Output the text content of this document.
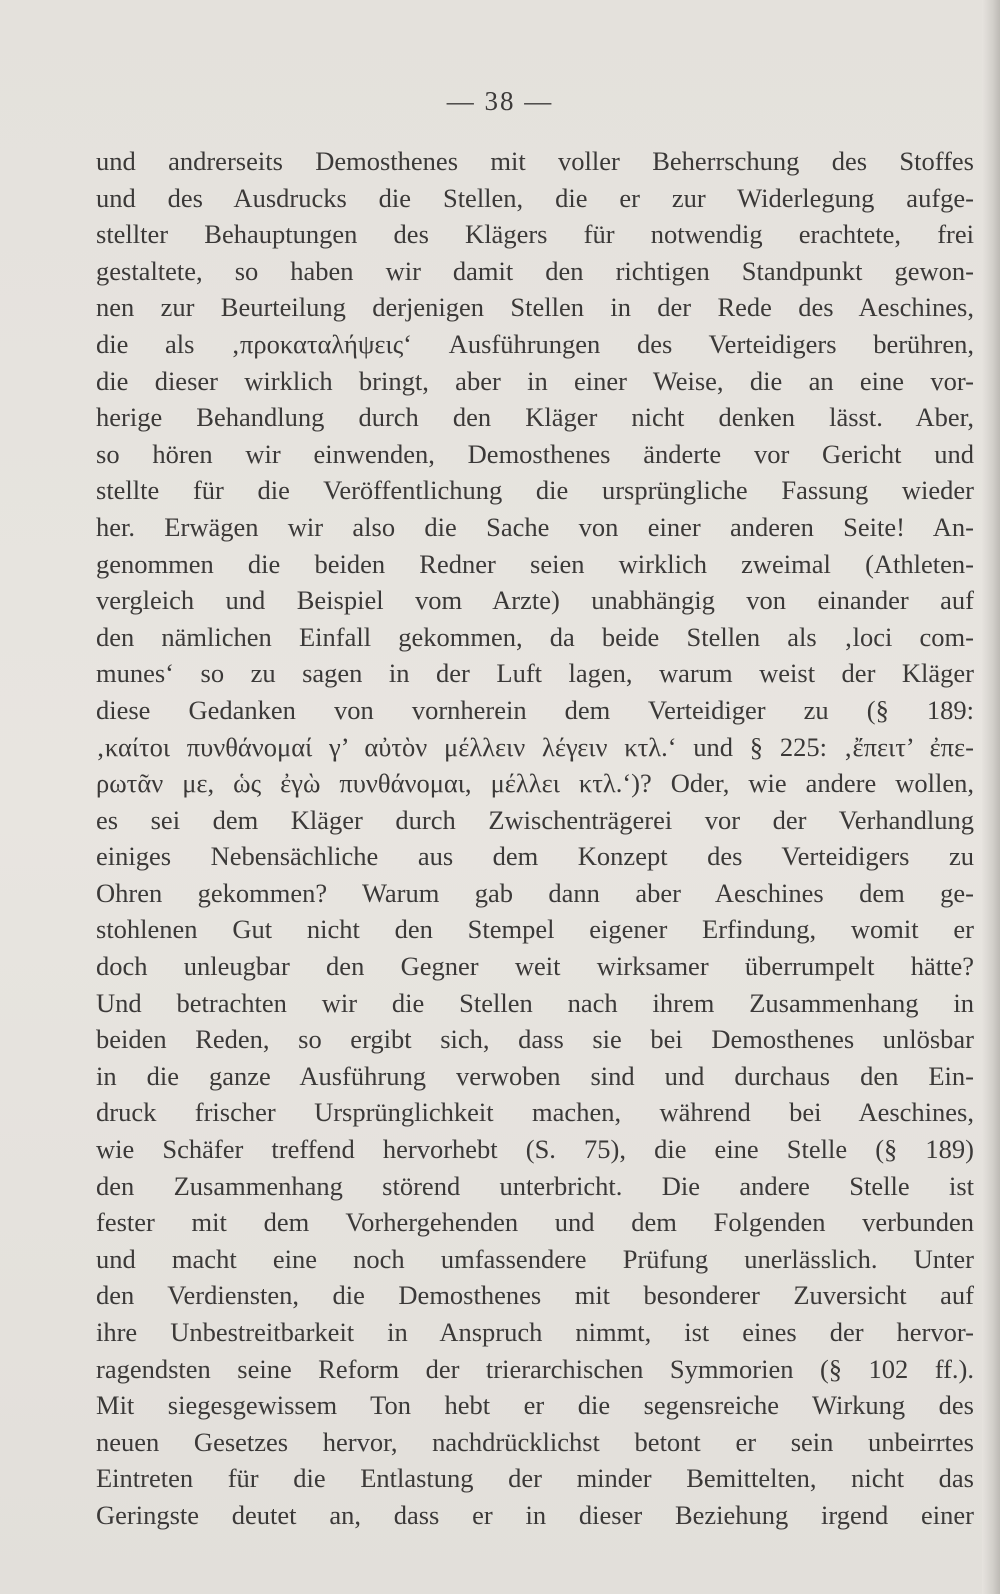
— 38 —
und andrerseits Demosthenes mit voller Beherrschung des Stoffes
und des Ausdrucks die Stellen, die er zur Widerlegung aufge-
stellter Behauptungen des Klägers für notwendig erachtete, frei
gestaltete, so haben wir damit den richtigen Standpunkt gewon-
nen zur Beurteilung derjenigen Stellen in der Rede des Aeschines,
die als ‚προκαταλήψεις‘ Ausführungen des Verteidigers berühren,
die dieser wirklich bringt, aber in einer Weise, die an eine vor-
herige Behandlung durch den Kläger nicht denken lässt. Aber,
so hören wir einwenden, Demosthenes änderte vor Gericht und
stellte für die Veröffentlichung die ursprüngliche Fassung wieder
her. Erwägen wir also die Sache von einer anderen Seite! An-
genommen die beiden Redner seien wirklich zweimal (Athleten-
vergleich und Beispiel vom Arzte) unabhängig von einander auf
den nämlichen Einfall gekommen, da beide Stellen als ‚loci com-
munes‘ so zu sagen in der Luft lagen, warum weist der Kläger
diese Gedanken von vornherein dem Verteidiger zu (§ 189:
‚καίτοι πυνθάνομαί γ’ αὐτὸν μέλλειν λέγειν κτλ.‘ und § 225: ‚ἔπειτ’ ἐπε-
ρωτᾶν με, ὡς ἐγὼ πυνθάνομαι, μέλλει κτλ.‘)? Oder, wie andere wollen,
es sei dem Kläger durch Zwischenträgerei vor der Verhandlung
einiges Nebensächliche aus dem Konzept des Verteidigers zu
Ohren gekommen? Warum gab dann aber Aeschines dem ge-
stohlenen Gut nicht den Stempel eigener Erfindung, womit er
doch unleugbar den Gegner weit wirksamer überrumpelt hätte?
Und betrachten wir die Stellen nach ihrem Zusammenhang in
beiden Reden, so ergibt sich, dass sie bei Demosthenes unlösbar
in die ganze Ausführung verwoben sind und durchaus den Ein-
druck frischer Ursprünglichkeit machen, während bei Aeschines,
wie Schäfer treffend hervorhebt (S. 75), die eine Stelle (§ 189)
den Zusammenhang störend unterbricht. Die andere Stelle ist
fester mit dem Vorhergehenden und dem Folgenden verbunden
und macht eine noch umfassendere Prüfung unerlässlich. Unter
den Verdiensten, die Demosthenes mit besonderer Zuversicht auf
ihre Unbestreitbarkeit in Anspruch nimmt, ist eines der hervor-
ragendsten seine Reform der trierarchischen Symmorien (§ 102 ff.).
Mit siegesgewissem Ton hebt er die segensreiche Wirkung des
neuen Gesetzes hervor, nachdrücklichst betont er sein unbeirrtes
Eintreten für die Entlastung der minder Bemittelten, nicht das
Geringste deutet an, dass er in dieser Beziehung irgend einer
